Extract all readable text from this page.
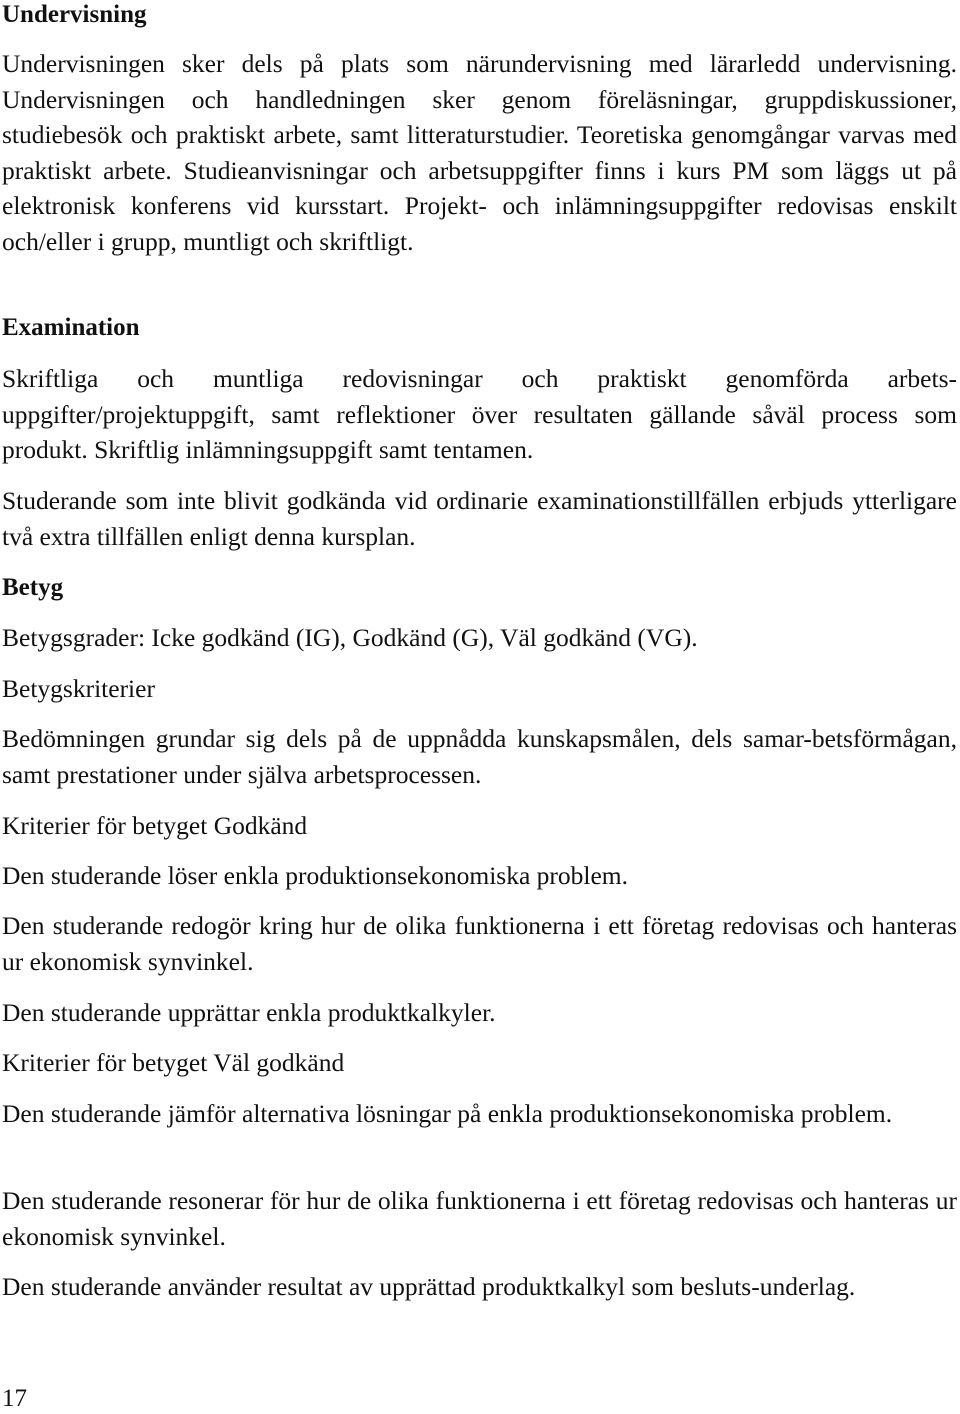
Undervisning

Undervisningen sker dels på plats som närundervisning med lärarledd undervisning. Undervisningen och handledningen sker genom föreläsningar, gruppdiskussioner, studiebesök och praktiskt arbete, samt litteraturstudier. Teoretiska genomgångar varvas med praktiskt arbete. Studieanvisningar och arbetsuppgifter finns i kurs PM som läggs ut på elektronisk konferens vid kursstart. Projekt- och inlämningsuppgifter redovisas enskilt och/eller i grupp, muntligt och skriftligt.

Examination

Skriftliga och muntliga redovisningar och praktiskt genomförda arbets-uppgifter/projektuppgift, samt reflektioner över resultaten gällande såväl process som produkt. Skriftlig inlämningsuppgift samt tentamen.

Studerande som inte blivit godkända vid ordinarie examinationstillfällen erbjuds ytterligare två extra tillfällen enligt denna kursplan.

Betyg

Betygsgrader: Icke godkänd (IG), Godkänd (G), Väl godkänd (VG).

Betygskriterier

Bedömningen grundar sig dels på de uppnådda kunskapsmålen, dels samar-betsförmågan, samt prestationer under själva arbetsprocessen.

Kriterier för betyget Godkänd

Den studerande löser enkla produktionsekonomiska problem.

Den studerande redogör kring hur de olika funktionerna i ett företag redovisas och hanteras ur ekonomisk synvinkel.

Den studerande upprättar enkla produktkalkyler.

Kriterier för betyget Väl godkänd

Den studerande jämför alternativa lösningar på enkla produktionsekonomiska problem.

Den studerande resonerar för hur de olika funktionerna i ett företag redovisas och hanteras ur ekonomisk synvinkel.

Den studerande använder resultat av upprättad produktkalkyl som besluts-underlag.

17
